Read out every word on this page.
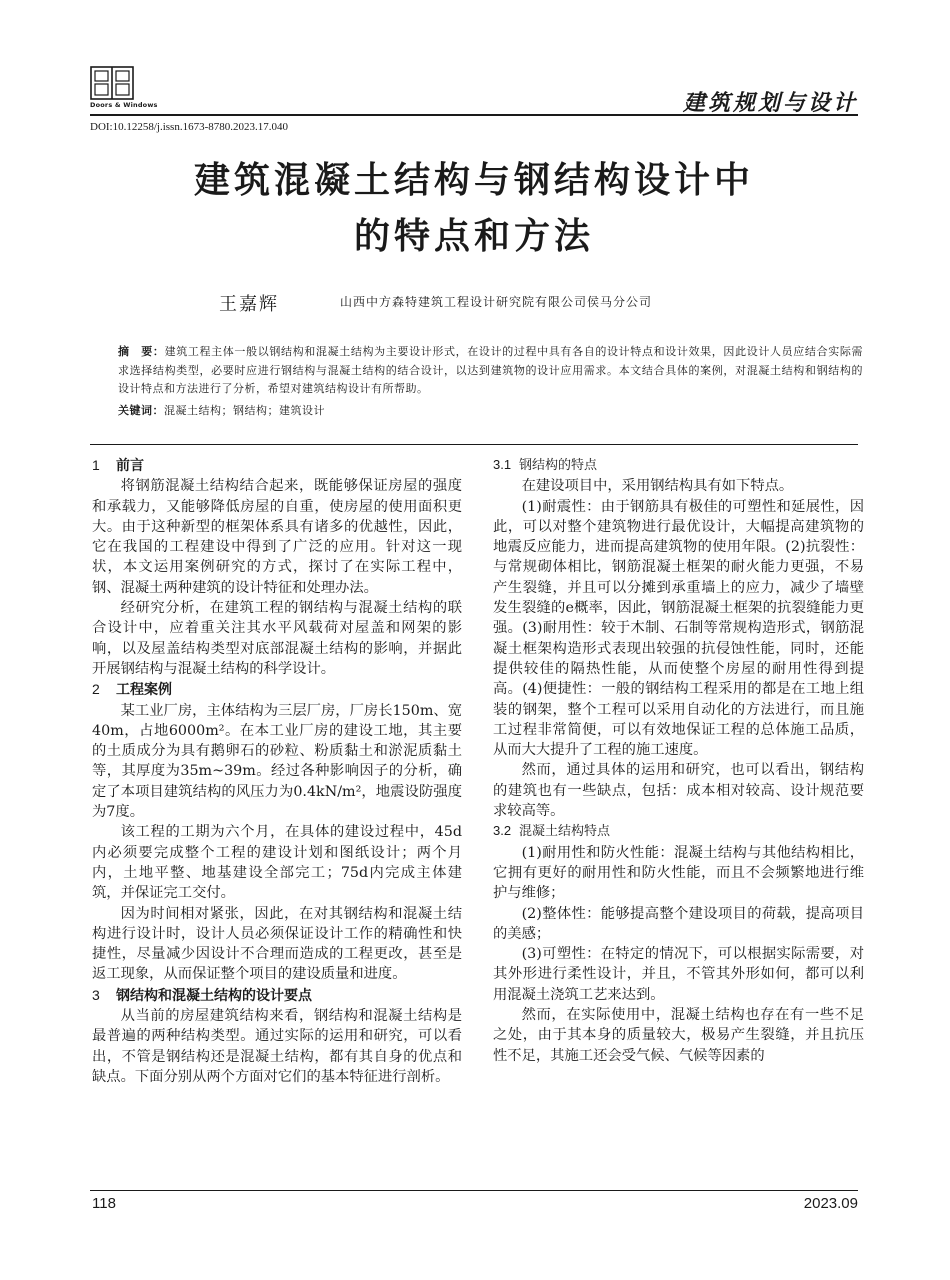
Doors & Windows	建筑规划与设计
DOI:10.12258/j.issn.1673-8780.2023.17.040
建筑混凝土结构与钢结构设计中
的特点和方法
王嘉辉	山西中方森特建筑工程设计研究院有限公司侯马分公司
摘　要：建筑工程主体一般以钢结构和混凝土结构为主要设计形式，在设计的过程中具有各自的设计特点和设计效果，因此设计人员应结合实际需求选择结构类型，必要时应进行钢结构与混凝土结构的结合设计，以达到建筑物的设计应用需求。本文结合具体的案例，对混凝土结构和钢结构的设计特点和方法进行了分析，希望对建筑结构设计有所帮助。
关键词：混凝土结构；钢结构；建筑设计
1 前言

将钢筋混凝土结构结合起来，既能够保证房屋的强度和承载力，又能够降低房屋的自重，使房屋的使用面积更大。由于这种新型的框架体系具有诸多的优越性，因此，它在我国的工程建设中得到了广泛的应用。针对这一现状，本文运用案例研究的方式，探讨了在实际工程中，钢、混凝土两种建筑的设计特征和处理办法。

经研究分析，在建筑工程的钢结构与混凝土结构的联合设计中，应着重关注其水平风载荷对屋盖和网架的影响，以及屋盖结构类型对底部混凝土结构的影响，并据此开展钢结构与混凝土结构的科学设计。

2 工程案例

某工业厂房，主体结构为三层厂房，厂房长150m、宽40m，占地6000m²。在本工业厂房的建设工地，其主要的土质成分为具有鹅卵石的砂粒、粉质黏土和淤泥质黏土等，其厚度为35m~39m。经过各种影响因子的分析，确定了本项目建筑结构的风压力为0.4kN/m²，地震设防强度为7度。

该工程的工期为六个月，在具体的建设过程中，45d内必须要完成整个工程的建设计划和图纸设计；两个月内，土地平整、地基建设全部完工；75d内完成主体建筑，并保证完工交付。

因为时间相对紧张，因此，在对其钢结构和混凝土结构进行设计时，设计人员必须保证设计工作的精确性和快捷性，尽量减少因设计不合理而造成的工程更改，甚至是返工现象，从而保证整个项目的建设质量和进度。

3 钢结构和混凝土结构的设计要点

从当前的房屋建筑结构来看，钢结构和混凝土结构是最普遍的两种结构类型。通过实际的运用和研究，可以看出，不管是钢结构还是混凝土结构，都有其自身的优点和缺点。下面分别从两个方面对它们的基本特征进行剖析。

3.1 钢结构的特点

在建设项目中，采用钢结构具有如下特点。

(1)耐震性：由于钢筋具有极佳的可塑性和延展性，因此，可以对整个建筑物进行最优设计，大幅提高建筑物的地震反应能力，进而提高建筑物的使用年限。(2)抗裂性：与常规砌体相比，钢筋混凝土框架的耐火能力更强，不易产生裂缝，并且可以分摊到承重墙上的应力，减少了墙壁发生裂缝的e概率，因此，钢筋混凝土框架的抗裂缝能力更强。(3)耐用性：较于木制、石制等常规构造形式，钢筋混凝土框架构造形式表现出较强的抗侵蚀性能，同时，还能提供较佳的隔热性能，从而使整个房屋的耐用性得到提高。(4)便捷性：一般的钢结构工程采用的都是在工地上组装的钢架，整个工程可以采用自动化的方法进行，而且施工过程非常简便，可以有效地保证工程的总体施工品质，从而大大提升了工程的施工速度。

然而，通过具体的运用和研究，也可以看出，钢结构的建筑也有一些缺点，包括：成本相对较高、设计规范要求较高等。

3.2 混凝土结构特点

(1)耐用性和防火性能：混凝土结构与其他结构相比，它拥有更好的耐用性和防火性能，而且不会频繁地进行维护与维修；

(2)整体性：能够提高整个建设项目的荷载，提高项目的美感；

(3)可塑性：在特定的情况下，可以根据实际需要，对其外形进行柔性设计，并且，不管其外形如何，都可以利用混凝土浇筑工艺来达到。

然而，在实际使用中，混凝土结构也存在有一些不足之处，由于其本身的质量较大，极易产生裂缝，并且抗压性不足，其施工还会受气候、气候等因素的

118	2023.09
